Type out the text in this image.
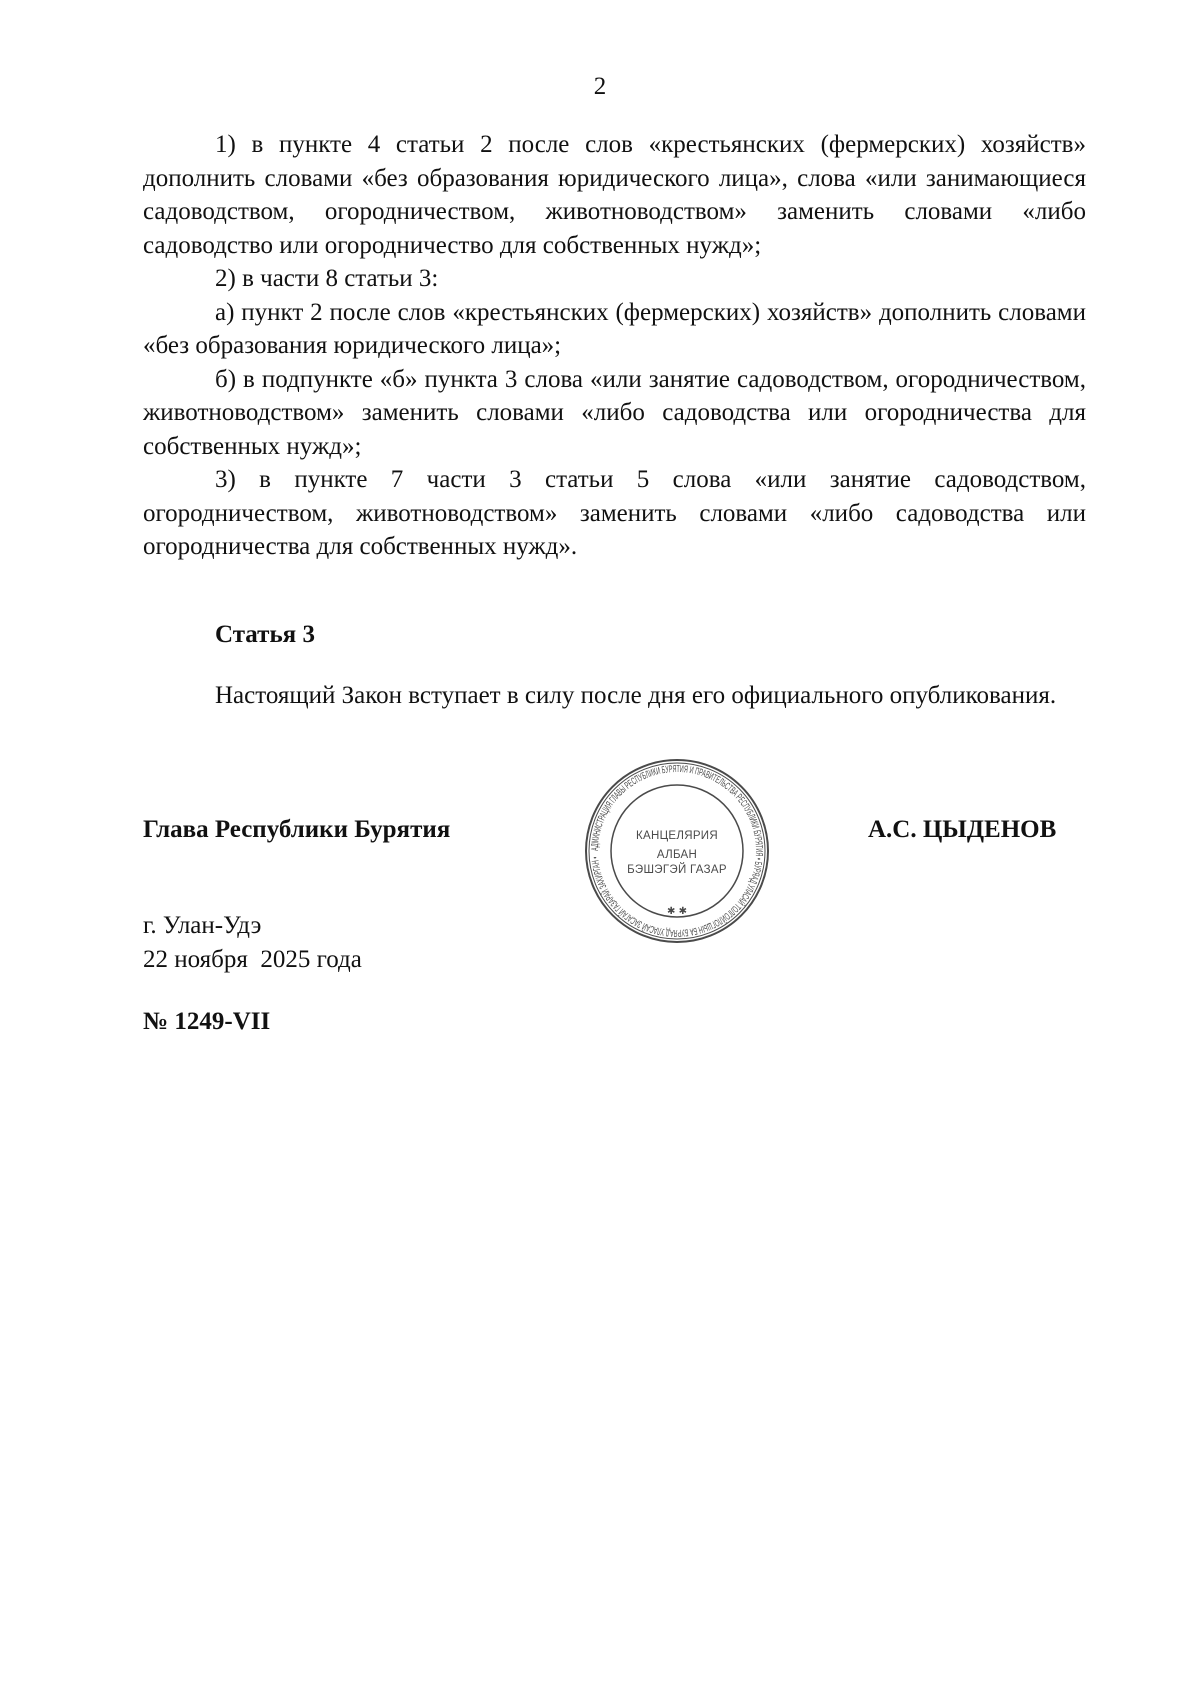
2

1) в пункте 4 статьи 2 после слов «крестьянских (фермерских) хозяйств» дополнить словами «без образования юридического лица», слова «или занимающиеся садоводством, огородничеством, животноводством» заменить словами «либо садоводство или огородничество для собственных нужд»;

2) в части 8 статьи 3:

а) пункт 2 после слов «крестьянских (фермерских) хозяйств» дополнить словами «без образования юридического лица»;

б) в подпункте «б» пункта 3 слова «или занятие садоводством, огородничеством, животноводством» заменить словами «либо садоводства или огородничества для собственных нужд»;

3) в пункте 7 части 3 статьи 5 слова «или занятие садоводством, огородничеством, животноводством» заменить словами «либо садоводства или огородничества для собственных нужд».

Статья 3

Настоящий Закон вступает в силу после дня его официального опубликования.

Глава Республики Бурятия
АДМИНИСТРАЦИЯ ГЛАВЫ РЕСПУБЛИКИ БУРЯТИЯ И ПРАВИТЕЛЬСТВА РЕСПУБЛИКИ БУРЯТИЯ • БУРЯАД УЛАСАЙ ТОЛГОЙЛОГШЫН БА БУРЯАД УЛАСАЙ ЗАСАГАЙ ГАЗАРАЙ ЗАХИРГАН •
✱ ✱
КАНЦЕЛЯРИЯ
АЛБАН
БЭШЭГЭЙ ГАЗАР
А.С. ЦЫДЕНОВ
г. Улан-Удэ
22 ноября  2025 года
№ 1249-VII
